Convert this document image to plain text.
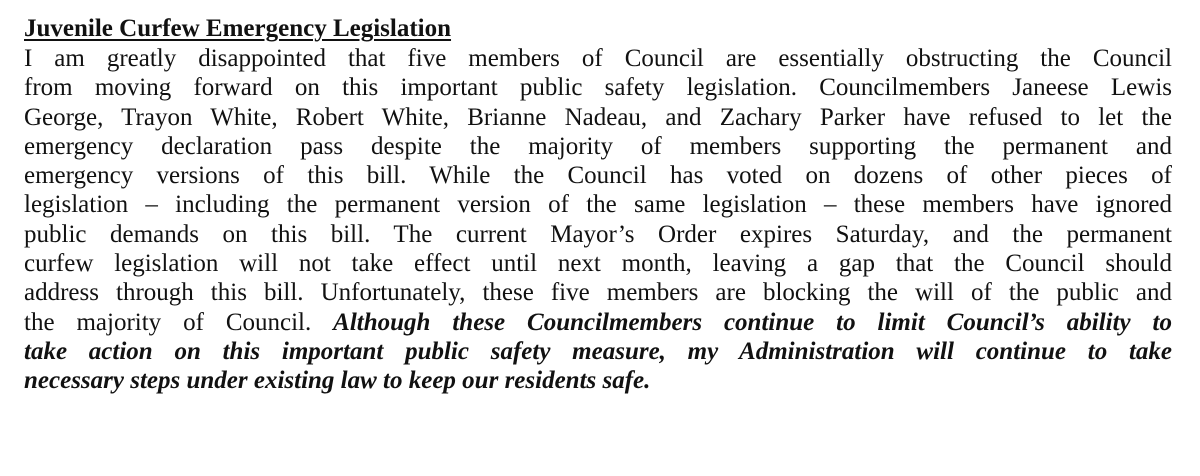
Juvenile Curfew Emergency Legislation
I am greatly disappointed that five members of Council are essentially obstructing the Council
from moving forward on this important public safety legislation. Councilmembers Janeese Lewis
George, Trayon White, Robert White, Brianne Nadeau, and Zachary Parker have refused to let the
emergency declaration pass despite the majority of members supporting the permanent and
emergency versions of this bill. While the Council has voted on dozens of other pieces of
legislation – including the permanent version of the same legislation – these members have ignored
public demands on this bill. The current Mayor’s Order expires Saturday, and the permanent
curfew legislation will not take effect until next month, leaving a gap that the Council should
address through this bill. Unfortunately, these five members are blocking the will of the public and
the majority of Council. Although these Councilmembers continue to limit Council’s ability to
take action on this important public safety measure, my Administration will continue to take
necessary steps under existing law to keep our residents safe.
